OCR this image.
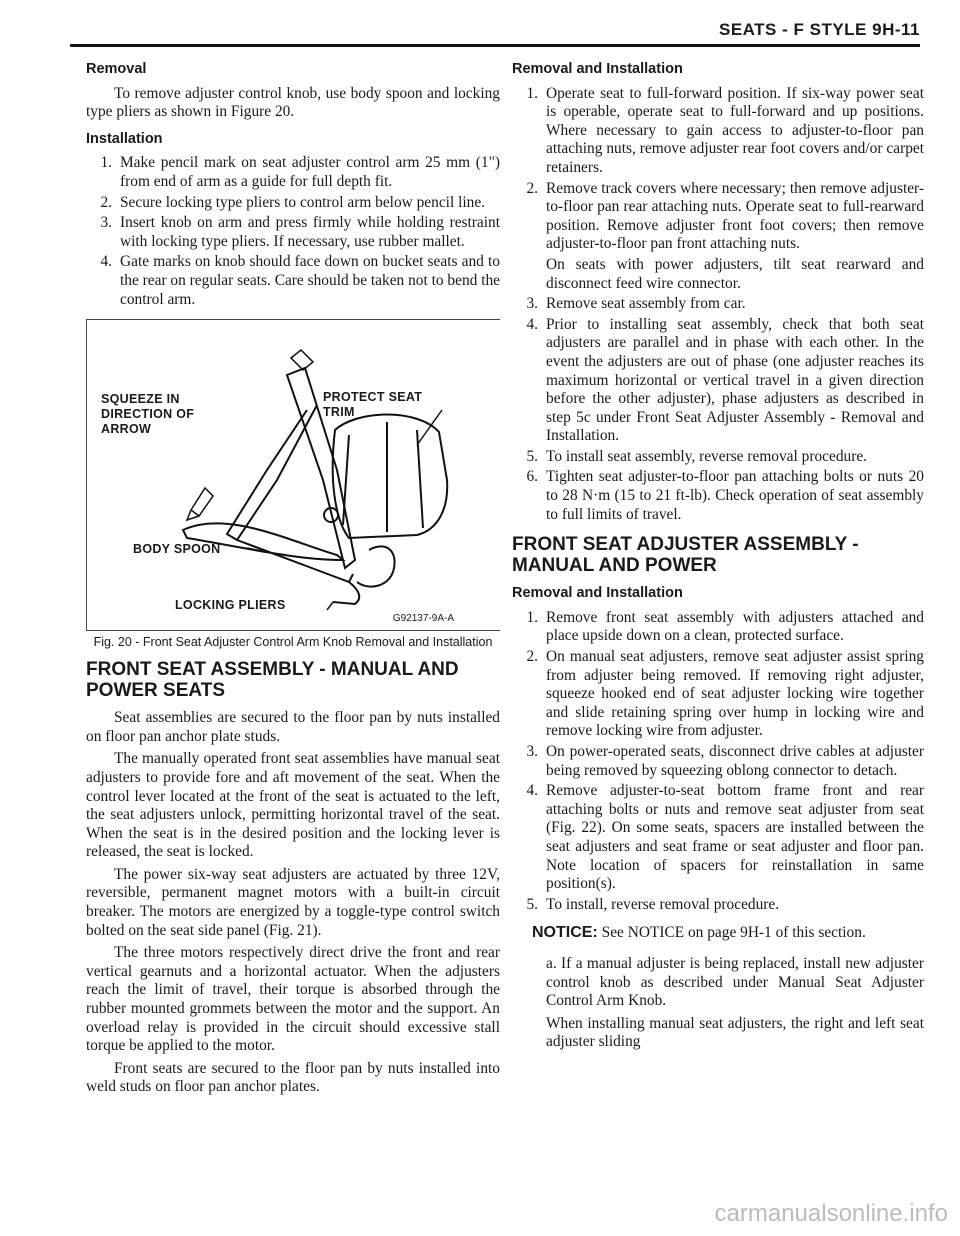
SEATS - F STYLE 9H-11
Removal

To remove adjuster control knob, use body spoon and locking type pliers as shown in Figure 20.

Installation
1. Make pencil mark on seat adjuster control arm 25 mm (1") from end of arm as a guide for full depth fit.
2. Secure locking type pliers to control arm below pencil line.
3. Insert knob on arm and press firmly while holding restraint with locking type pliers. If necessary, use rubber mallet.
4. Gate marks on knob should face down on bucket seats and to the rear on regular seats. Care should be taken not to bend the control arm.
SQUEEZE IN DIRECTION OF ARROW
PROTECT SEAT TRIM
BODY SPOON
LOCKING PLIERS
G92137-9A-A
Fig. 20 - Front Seat Adjuster Control Arm Knob Removal and Installation
FRONT SEAT ASSEMBLY - MANUAL AND POWER SEATS

Seat assemblies are secured to the floor pan by nuts installed on floor pan anchor plate studs.

The manually operated front seat assemblies have manual seat adjusters to provide fore and aft movement of the seat. When the control lever located at the front of the seat is actuated to the left, the seat adjusters unlock, permitting horizontal travel of the seat. When the seat is in the desired position and the locking lever is released, the seat is locked.

The power six-way seat adjusters are actuated by three 12V, reversible, permanent magnet motors with a built-in circuit breaker. The motors are energized by a toggle-type control switch bolted on the seat side panel (Fig. 21).

The three motors respectively direct drive the front and rear vertical gearnuts and a horizontal actuator. When the adjusters reach the limit of travel, their torque is absorbed through the rubber mounted grommets between the motor and the support. An overload relay is provided in the circuit should excessive stall torque be applied to the motor.

Front seats are secured to the floor pan by nuts installed into weld studs on floor pan anchor plates.

Removal and Installation
1. Operate seat to full-forward position. If six-way power seat is operable, operate seat to full-forward and up positions. Where necessary to gain access to adjuster-to-floor pan attaching nuts, remove adjuster rear foot covers and/or carpet retainers.
2. Remove track covers where necessary; then remove adjuster-to-floor pan rear attaching nuts. Operate seat to full-rearward position. Remove adjuster front foot covers; then remove adjuster-to-floor pan front attaching nuts.
On seats with power adjusters, tilt seat rearward and disconnect feed wire connector.
3. Remove seat assembly from car.
4. Prior to installing seat assembly, check that both seat adjusters are parallel and in phase with each other. In the event the adjusters are out of phase (one adjuster reaches its maximum horizontal or vertical travel in a given direction before the other adjuster), phase adjusters as described in step 5c under Front Seat Adjuster Assembly - Removal and Installation.
5. To install seat assembly, reverse removal procedure.
6. Tighten seat adjuster-to-floor pan attaching bolts or nuts 20 to 28 N·m (15 to 21 ft-lb). Check operation of seat assembly to full limits of travel.
FRONT SEAT ADJUSTER ASSEMBLY - MANUAL AND POWER
Removal and Installation
1. Remove front seat assembly with adjusters attached and place upside down on a clean, protected surface.
2. On manual seat adjusters, remove seat adjuster assist spring from adjuster being removed. If removing right adjuster, squeeze hooked end of seat adjuster locking wire together and slide retaining spring over hump in locking wire and remove locking wire from adjuster.
3. On power-operated seats, disconnect drive cables at adjuster being removed by squeezing oblong connector to detach.
4. Remove adjuster-to-seat bottom frame front and rear attaching bolts or nuts and remove seat adjuster from seat (Fig. 22). On some seats, spacers are installed between the seat adjusters and seat frame or seat adjuster and floor pan. Note location of spacers for reinstallation in same position(s).
5. To install, reverse removal procedure.

NOTICE: See NOTICE on page 9H-1 of this section.

a. If a manual adjuster is being replaced, install new adjuster control knob as described under Manual Seat Adjuster Control Arm Knob.
When installing manual seat adjusters, the right and left seat adjuster sliding
carmanualsonline.info
